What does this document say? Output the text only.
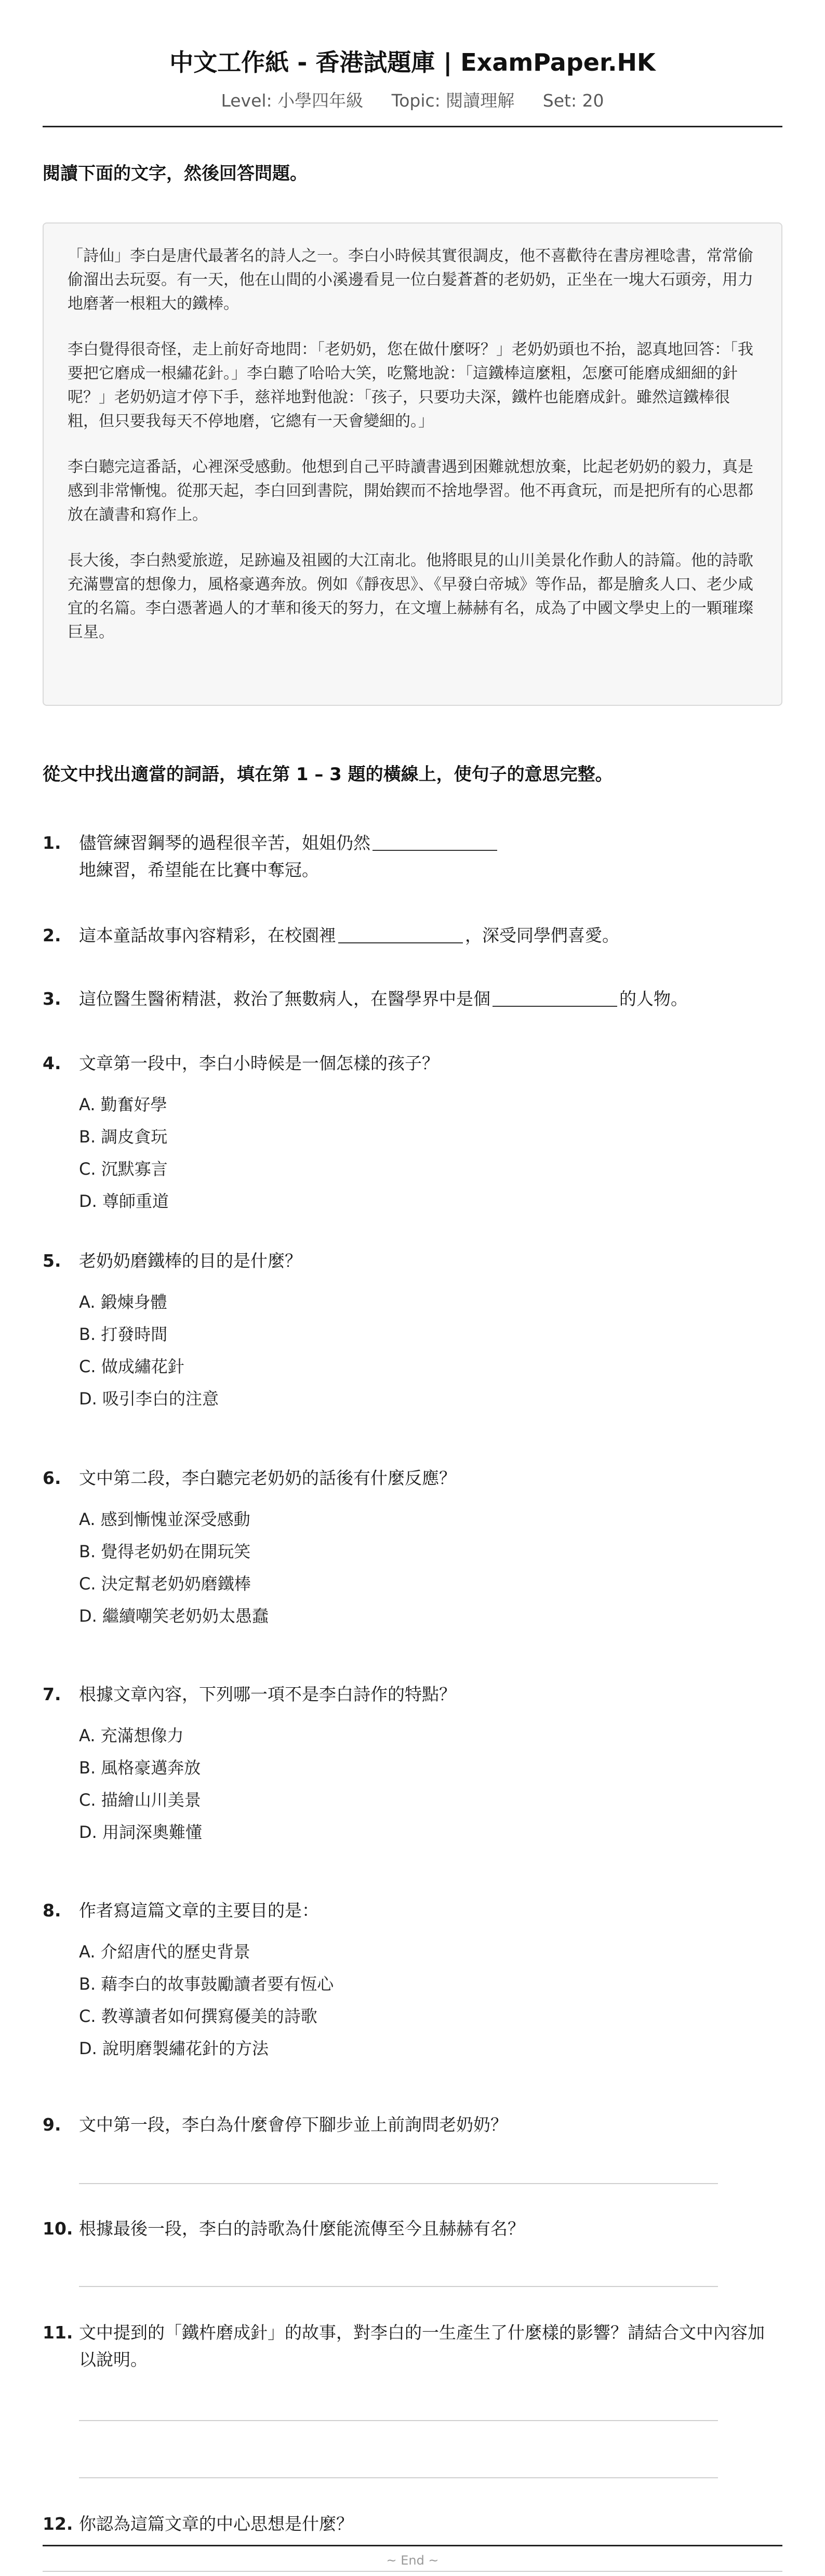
中文工作紙 - 香港試題庫 | ExamPaper.HK
Level: 小學四年級 Topic: 閱讀理解 Set: 20
閱讀下面的文字，然後回答問題。

「詩仙」李白是唐代最著名的詩人之一。李白小時候其實很調皮，他不喜歡待在書房裡唸書，常常偷偷溜出去玩耍。有一天，他在山間的小溪邊看見一位白髮蒼蒼的老奶奶，正坐在一塊大石頭旁，用力地磨著一根粗大的鐵棒。

李白覺得很奇怪，走上前好奇地問：「老奶奶，您在做什麼呀？」老奶奶頭也不抬，認真地回答：「我要把它磨成一根繡花針。」李白聽了哈哈大笑，吃驚地說：「這鐵棒這麼粗，怎麼可能磨成細細的針呢？」老奶奶這才停下手，慈祥地對他說：「孩子，只要功夫深，鐵杵也能磨成針。雖然這鐵棒很粗，但只要我每天不停地磨，它總有一天會變細的。」

李白聽完這番話，心裡深受感動。他想到自己平時讀書遇到困難就想放棄，比起老奶奶的毅力，真是感到非常慚愧。從那天起，李白回到書院，開始鍥而不捨地學習。他不再貪玩，而是把所有的心思都放在讀書和寫作上。

長大後，李白熱愛旅遊，足跡遍及祖國的大江南北。他將眼見的山川美景化作動人的詩篇。他的詩歌充滿豐富的想像力，風格豪邁奔放。例如《靜夜思》、《早發白帝城》等作品，都是膾炙人口、老少咸宜的名篇。李白憑著過人的才華和後天的努力，在文壇上赫赫有名，成為了中國文學史上的一顆璀璨巨星。

從文中找出適當的詞語，填在第 1 – 3 題的橫線上，使句子的意思完整。
1. 儘管練習鋼琴的過程很辛苦，姐姐仍然
地練習，希望能在比賽中奪冠。
2. 這本童話故事內容精彩，在校園裡	，深受同學們喜愛。
3. 這位醫生醫術精湛，救治了無數病人，在醫學界中是個	的人物。
4. 文章第一段中，李白小時候是一個怎樣的孩子？
A. 勤奮好學
B. 調皮貪玩
C. 沉默寡言
D. 尊師重道
5. 老奶奶磨鐵棒的目的是什麼？
A. 鍛煉身體
B. 打發時間
C. 做成繡花針
D. 吸引李白的注意
6. 文中第二段，李白聽完老奶奶的話後有什麼反應？
A. 感到慚愧並深受感動
B. 覺得老奶奶在開玩笑
C. 決定幫老奶奶磨鐵棒
D. 繼續嘲笑老奶奶太愚蠢
7. 根據文章內容，下列哪一項不是李白詩作的特點？
A. 充滿想像力
B. 風格豪邁奔放
C. 描繪山川美景
D. 用詞深奧難懂
8. 作者寫這篇文章的主要目的是：
A. 介紹唐代的歷史背景
B. 藉李白的故事鼓勵讀者要有恆心
C. 教導讀者如何撰寫優美的詩歌
D. 說明磨製繡花針的方法
9. 文中第一段，李白為什麼會停下腳步並上前詢問老奶奶？
10. 根據最後一段，李白的詩歌為什麼能流傳至今且赫赫有名？
11. 文中提到的「鐵杵磨成針」的故事，對李白的一生產生了什麼樣的影響？請結合文中內容加以說明。
12. 你認為這篇文章的中心思想是什麼？
~ End ~
